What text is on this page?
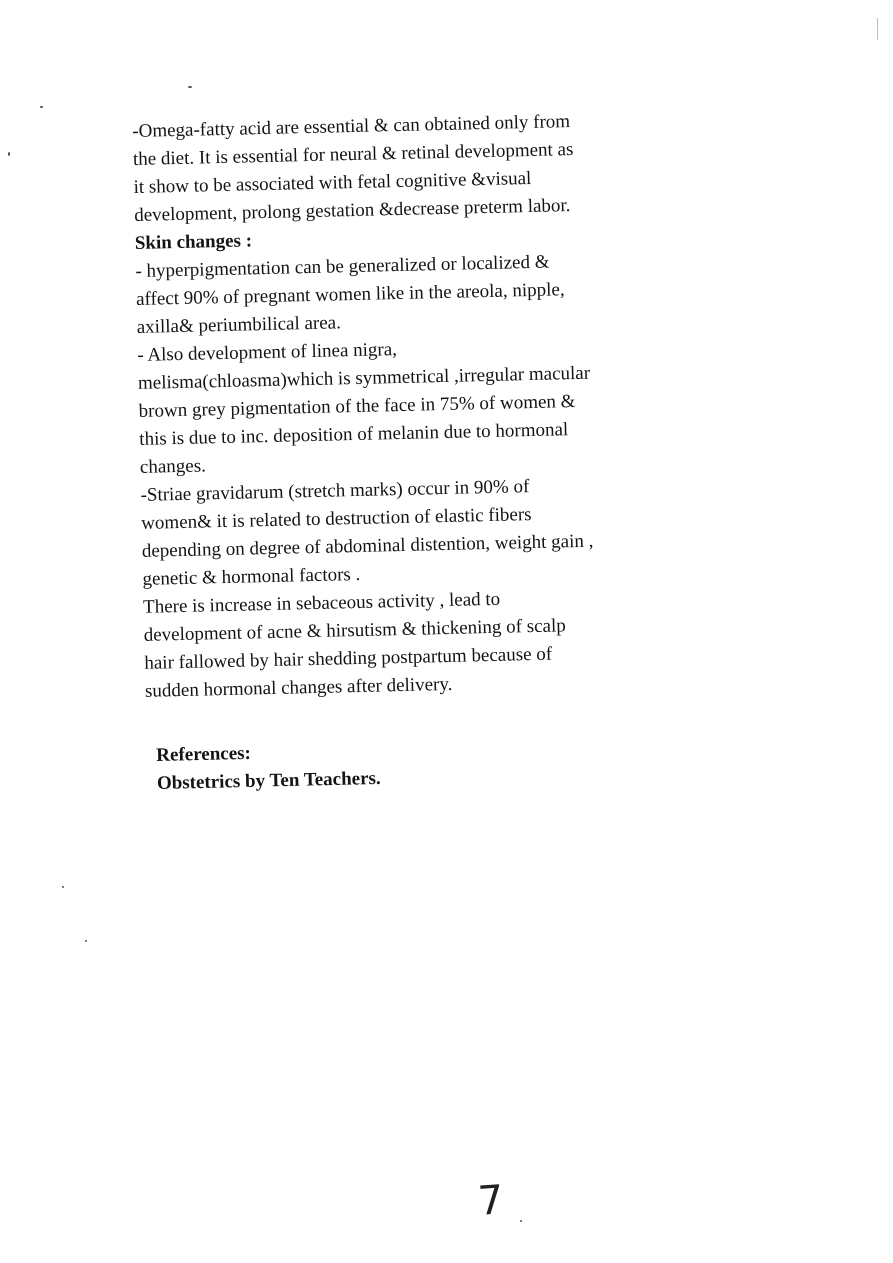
-Omega-fatty acid are essential & can obtained only from

the diet. It is essential for neural & retinal development as

it show to be associated with fetal cognitive &visual

development, prolong gestation &decrease preterm labor.

Skin changes :

- hyperpigmentation can be generalized or localized &

affect 90% of pregnant women like in the areola, nipple,

axilla& periumbilical area.

- Also development of linea nigra,

melisma(chloasma)which is symmetrical ,irregular macular

brown grey pigmentation of the face in 75% of women &

this is due to inc. deposition of melanin due to hormonal

changes.

-Striae gravidarum (stretch marks) occur in 90% of

women& it is related to destruction of elastic fibers

depending on degree of abdominal distention, weight gain ,

genetic & hormonal factors .

There is increase in sebaceous activity , lead to

development of acne & hirsutism & thickening of scalp

hair fallowed by hair shedding postpartum because of

sudden hormonal changes after delivery.

References:

Obstetrics by Ten Teachers.

7
